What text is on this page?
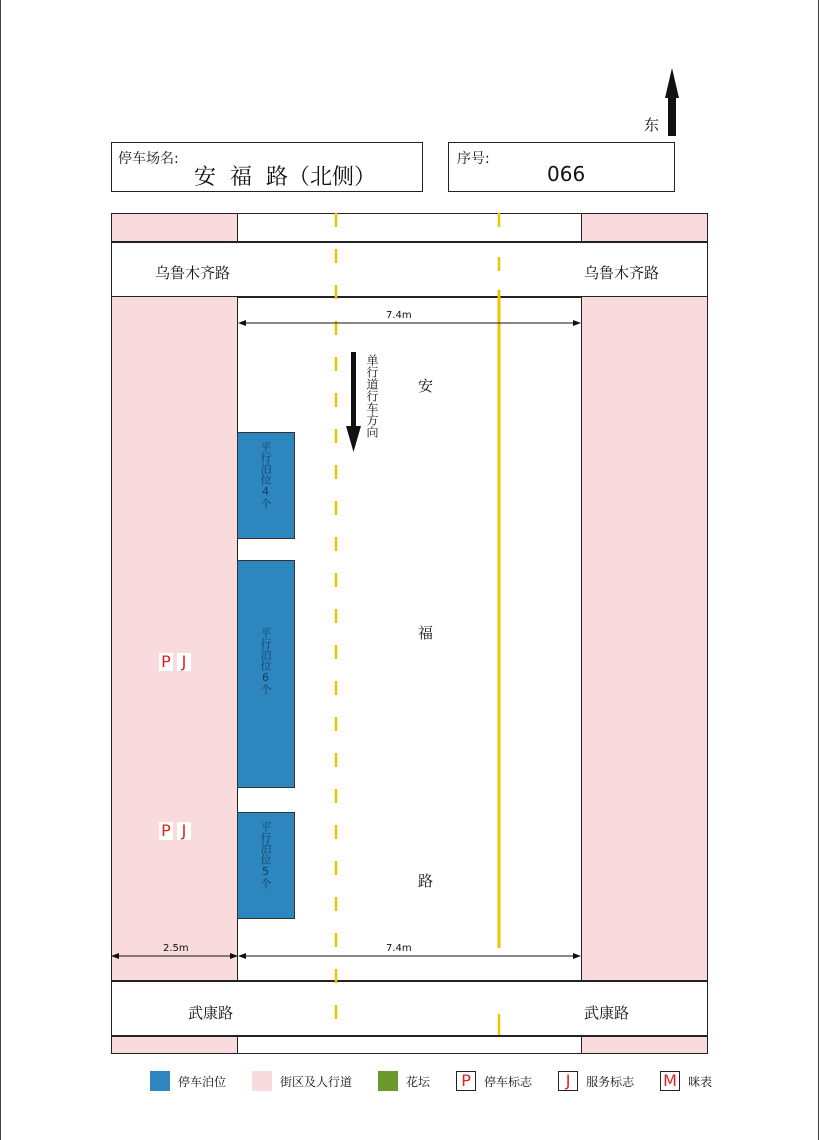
东
停车场名:
安  福  路（北侧）
序号:
066
乌鲁木齐路	乌鲁木齐路
武康路	武康路
7.4m
7.4m
2.5m
单行道行车方向	安
福
路
平行泊位4个
平行泊位6个
平行泊位5个
P J
P J
停车泊位	街区及人行道	花坛	P	停车标志	J	服务标志 M 咪表
